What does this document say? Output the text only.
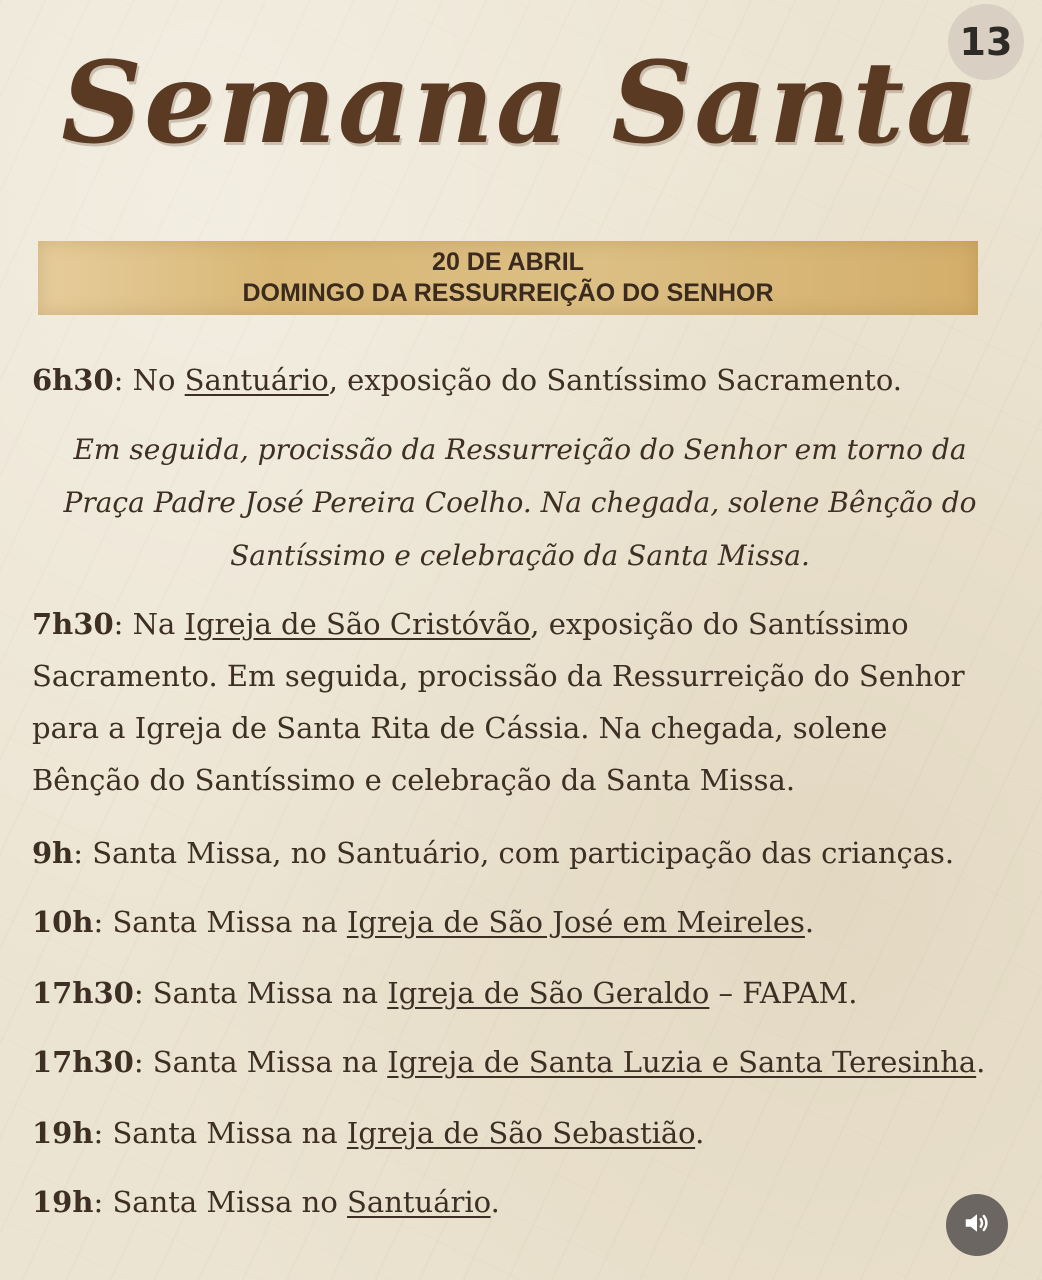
13
Semana Santa
20 DE ABRIL
DOMINGO DA RESSURREIÇÃO DO SENHOR
6h30: No Santuário, exposição do Santíssimo Sacramento.
Em seguida, procissão da Ressurreição do Senhor em torno da Praça Padre José Pereira Coelho. Na chegada, solene Bênção do Santíssimo e celebração da Santa Missa.
7h30: Na Igreja de São Cristóvão, exposição do Santíssimo Sacramento. Em seguida, procissão da Ressurreição do Senhor para a Igreja de Santa Rita de Cássia. Na chegada, solene Bênção do Santíssimo e celebração da Santa Missa.
9h: Santa Missa, no Santuário, com participação das crianças.
10h: Santa Missa na Igreja de São José em Meireles.
17h30: Santa Missa na Igreja de São Geraldo – FAPAM.
17h30: Santa Missa na Igreja de Santa Luzia e Santa Teresinha.
19h: Santa Missa na Igreja de São Sebastião.
19h: Santa Missa no Santuário.
